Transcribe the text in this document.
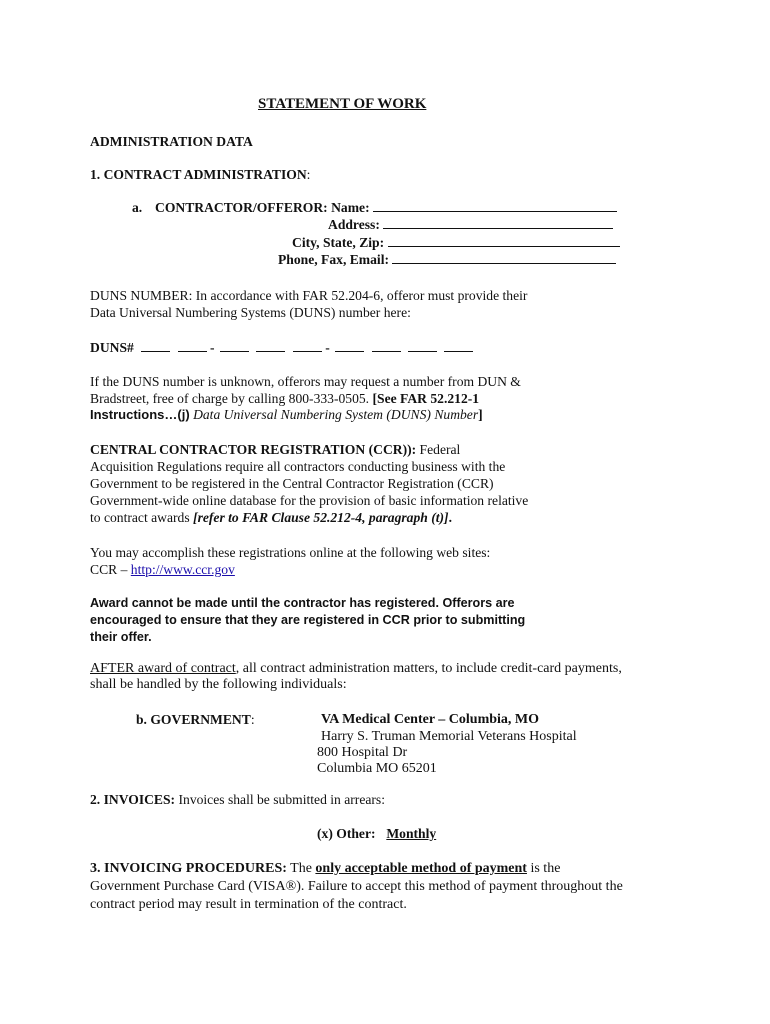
STATEMENT OF WORK
ADMINISTRATION DATA
1. CONTRACT ADMINISTRATION:
a. CONTRACTOR/OFFEROR: Name:
Address:
City, State, Zip:
Phone, Fax, Email:
DUNS NUMBER: In accordance with FAR 52.204-6, offeror must provide their
Data Universal Numbering Systems (DUNS) number here:
DUNS#	-	-
If the DUNS number is unknown, offerors may request a number from DUN &
Bradstreet, free of charge by calling 800-333-0505. [See FAR 52.212-1
Instructions…(j) Data Universal Numbering System (DUNS) Number]
CENTRAL CONTRACTOR REGISTRATION (CCR)): Federal
Acquisition Regulations require all contractors conducting business with the
Government to be registered in the Central Contractor Registration (CCR)
Government-wide online database for the provision of basic information relative
to contract awards [refer to FAR Clause 52.212-4, paragraph (t)].
You may accomplish these registrations online at the following web sites:
CCR – http://www.ccr.gov
Award cannot be made until the contractor has registered. Offerors are
encouraged to ensure that they are registered in CCR prior to submitting
their offer.
AFTER award of contract, all contract administration matters, to include credit-card payments,
shall be handled by the following individuals:
b. GOVERNMENT:	VA Medical Center – Columbia, MO
Harry S. Truman Memorial Veterans Hospital
800 Hospital Dr
Columbia MO 65201
2. INVOICES: Invoices shall be submitted in arrears:
(x) Other: Monthly
3. INVOICING PROCEDURES: The only acceptable method of payment is the
Government Purchase Card (VISA®). Failure to accept this method of payment throughout the
contract period may result in termination of the contract.
